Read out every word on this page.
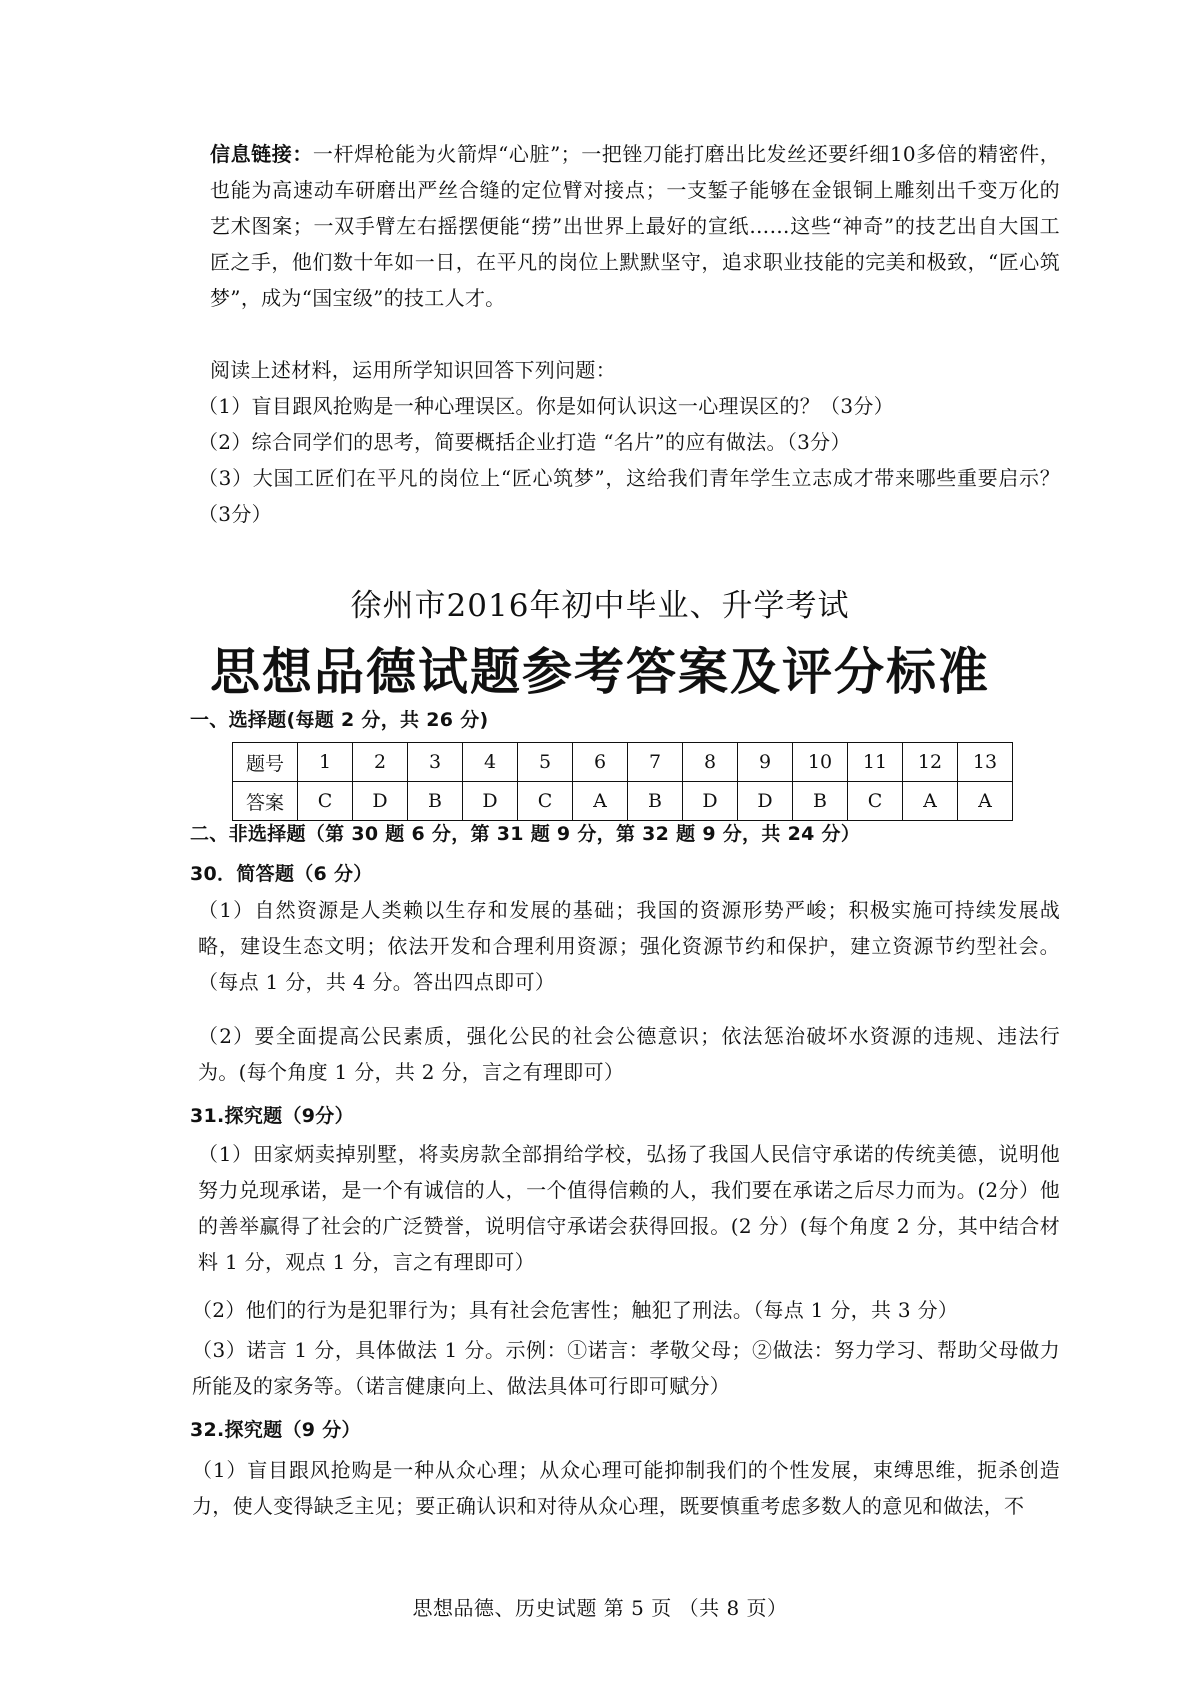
信息链接：一杆焊枪能为火箭焊“心脏”；一把锉刀能打磨出比发丝还要纤细10多倍的精密件，也能为高速动车研磨出严丝合缝的定位臂对接点；一支錾子能够在金银铜上雕刻出千变万化的艺术图案；一双手臂左右摇摆便能“捞”出世界上最好的宣纸……这些“神奇”的技艺出自大国工匠之手，他们数十年如一日，在平凡的岗位上默默坚守，追求职业技能的完美和极致，“匠心筑梦”，成为“国宝级”的技工人才。
阅读上述材料，运用所学知识回答下列问题：
（1）盲目跟风抢购是一种心理误区。你是如何认识这一心理误区的？（3分）
（2）综合同学们的思考，简要概括企业打造 “名片”的应有做法。（3分）
（3）大国工匠们在平凡的岗位上“匠心筑梦”，这给我们青年学生立志成才带来哪些重要启示？（3分）
徐州市2016年初中毕业、升学考试
思想品德试题参考答案及评分标准
一、选择题(每题 2 分，共 26 分)
题号	1	2	3	4	5	6	7	8	9	10	11	12	13
答案	C	D	B	D	C	A	B	D	D	B	C	A	A
二、非选择题（第 30 题 6 分，第 31 题 9 分，第 32 题 9 分，共 24 分）
30．简答题（6 分）
（1）自然资源是人类赖以生存和发展的基础；我国的资源形势严峻；积极实施可持续发展战略，建设生态文明；依法开发和合理利用资源；强化资源节约和保护，建立资源节约型社会。（每点 1 分，共 4 分。答出四点即可）
（2）要全面提高公民素质，强化公民的社会公德意识；依法惩治破坏水资源的违规、违法行为。(每个角度 1 分，共 2 分，言之有理即可）
31.探究题（9分）
（1）田家炳卖掉别墅，将卖房款全部捐给学校，弘扬了我国人民信守承诺的传统美德，说明他努力兑现承诺，是一个有诚信的人，一个值得信赖的人，我们要在承诺之后尽力而为。(2分）他的善举赢得了社会的广泛赞誉，说明信守承诺会获得回报。(2 分）(每个角度 2 分，其中结合材料 1 分，观点 1 分，言之有理即可）
（2）他们的行为是犯罪行为；具有社会危害性；触犯了刑法。（每点 1 分，共 3 分）
（3）诺言 1 分，具体做法 1 分。示例：①诺言：孝敬父母；②做法：努力学习、帮助父母做力所能及的家务等。（诺言健康向上、做法具体可行即可赋分）
32.探究题（9 分）
（1）盲目跟风抢购是一种从众心理；从众心理可能抑制我们的个性发展，束缚思维，扼杀创造力，使人变得缺乏主见；要正确认识和对待从众心理，既要慎重考虑多数人的意见和做法，不
思想品德、历史试题 第 5 页 （共 8 页）
